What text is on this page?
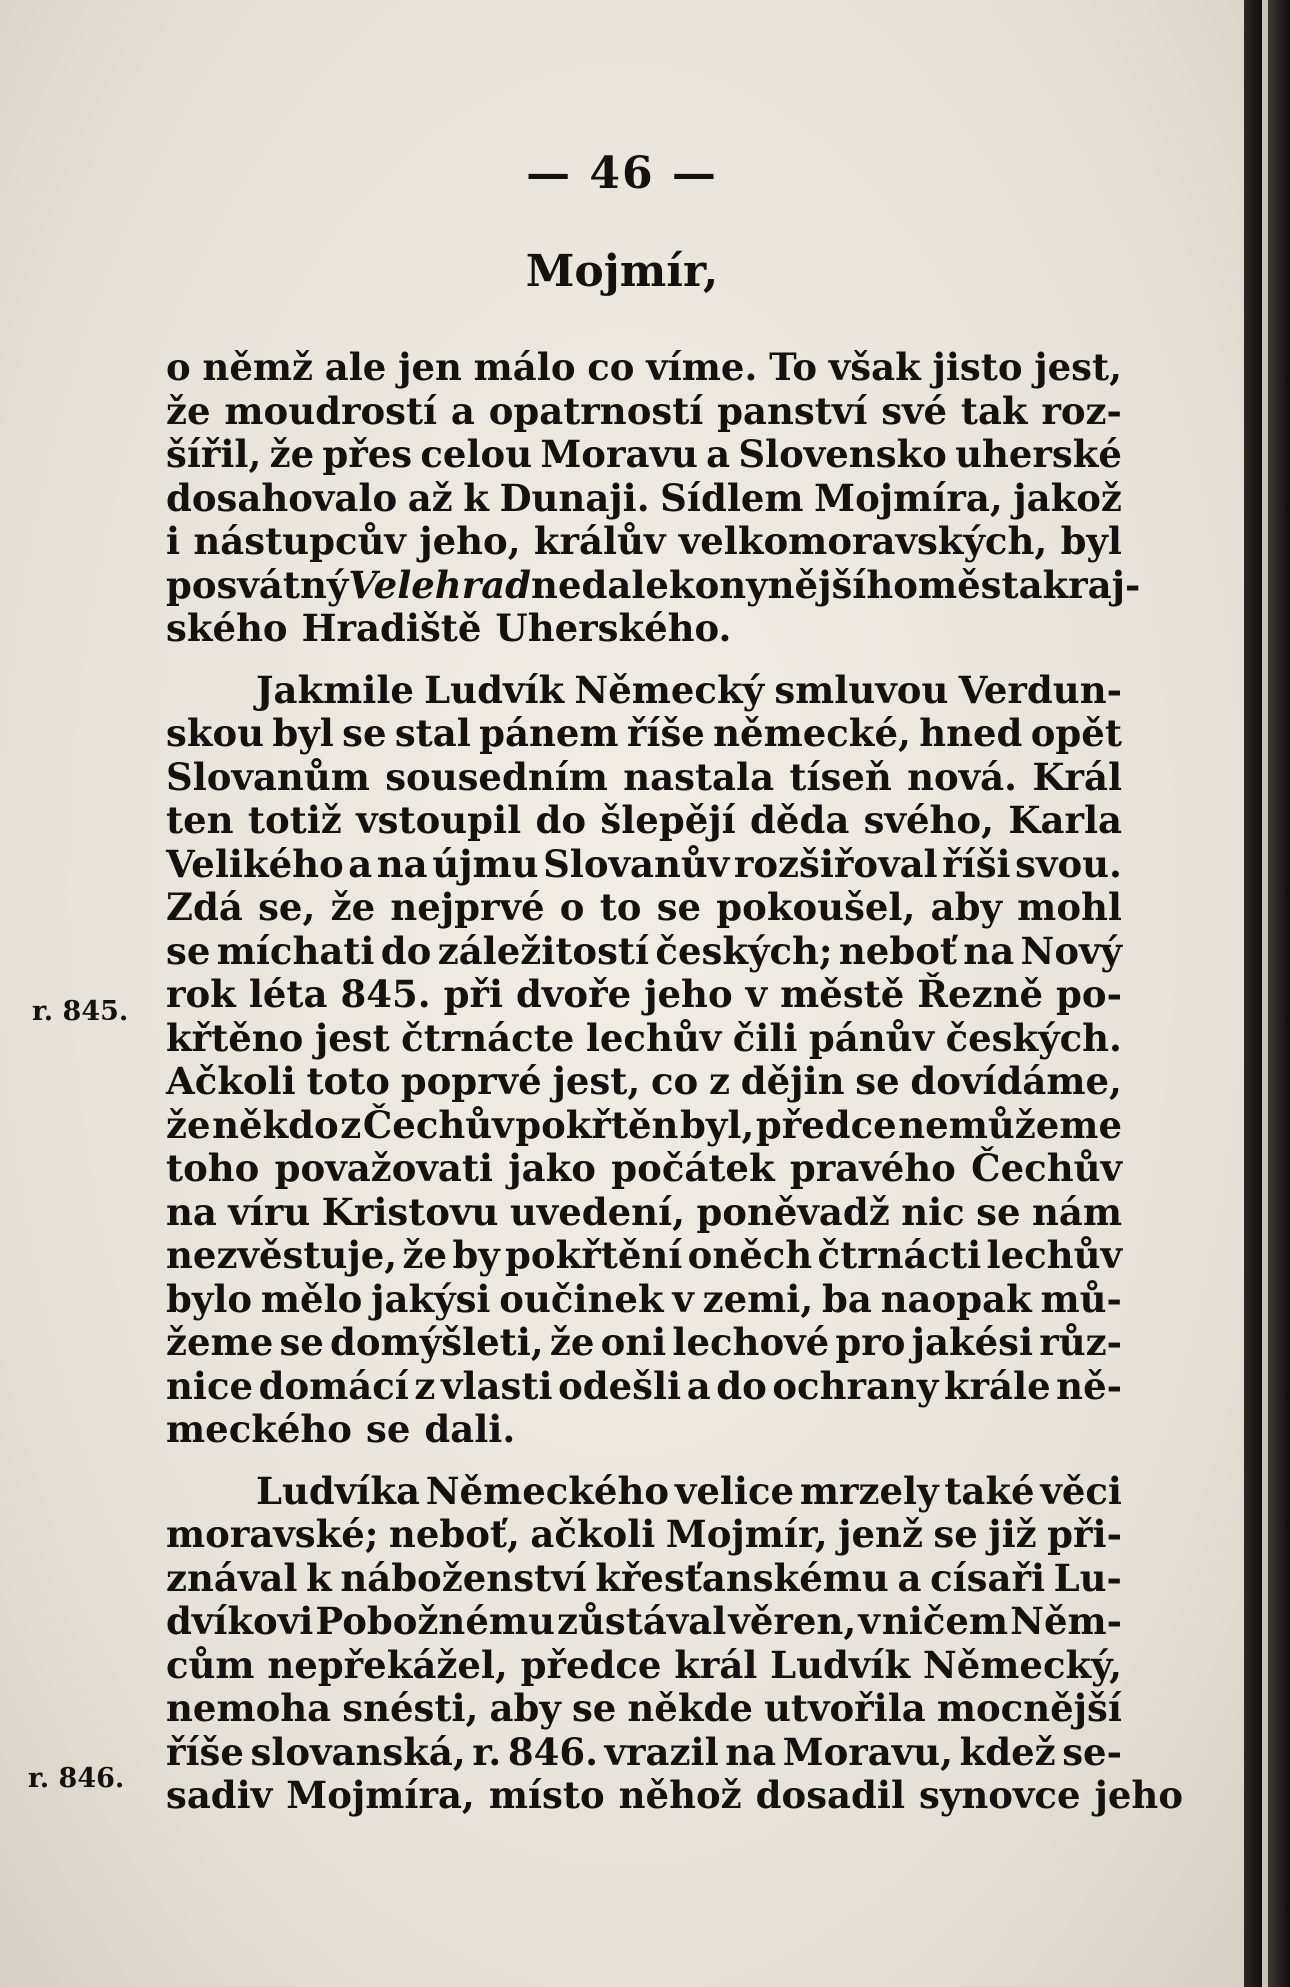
— 46 —
Mojmír,
o němž ale jen málo co víme. To však jisto jest,
že moudrostí a opatrností panství své tak roz-
šířil, že přes celou Moravu a Slovensko uherské
dosahovalo až k Dunaji. Sídlem Mojmíra, jakož
i nástupcův jeho, králův velkomoravských, byl
posvátný Velehrad nedaleko nynějšího města kraj-
ského Hradiště Uherského.
Jakmile Ludvík Německý smluvou Verdun-
skou byl se stal pánem říše německé, hned opět
Slovanům sousedním nastala tíseň nová. Král
ten totiž vstoupil do šlepějí děda svého, Karla
Velikého a na újmu Slovanův rozšiřoval říši svou.
Zdá se, že nejprvé o to se pokoušel, aby mohl
se míchati do záležitostí českých; neboť na Nový
rok léta 845. při dvoře jeho v městě Řezně po-
křtěno jest čtrnácte lechův čili pánův českých.
Ačkoli toto poprvé jest, co z dějin se dovídáme,
že někdo z Čechův pokřtěn byl, předce nemůžeme
toho považovati jako počátek pravého Čechův
na víru Kristovu uvedení, poněvadž nic se nám
nezvěstuje, že by pokřtění oněch čtrnácti lechův
bylo mělo jakýsi oučinek v zemi, ba naopak mů-
žeme se domýšleti, že oni lechové pro jakési růz-
nice domácí z vlasti odešli a do ochrany krále ně-
meckého se dali.
Ludvíka Německého velice mrzely také věci
moravské; neboť, ačkoli Mojmír, jenž se již při-
znával k náboženství křesťanskému a císaři Lu-
dvíkovi Pobožnému zůstával věren, v ničem Něm-
cům nepřekážel, předce král Ludvík Německý,
nemoha snésti, aby se někde utvořila mocnější
říše slovanská, r. 846. vrazil na Moravu, kdež se-
sadiv Mojmíra, místo něhož dosadil synovce jeho
r. 845.
r. 846.
